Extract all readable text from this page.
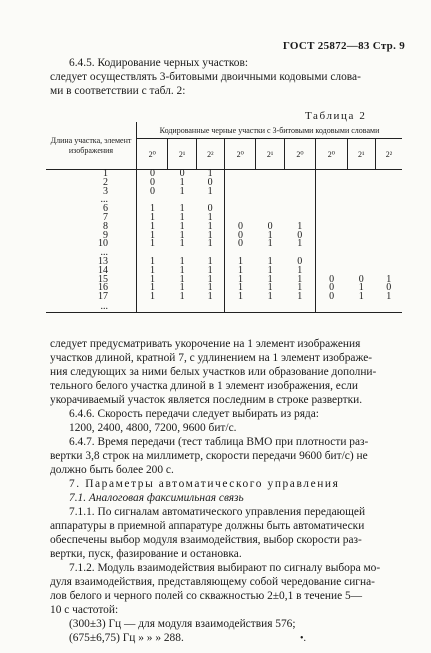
ГОСТ 25872—83 Стр. 9
6.4.5. Кодирование черных участков:
следует осуществлять 3-битовыми двоичными кодовыми слова-
ми в соответствии с табл. 2:
Таблица 2
Длина участка, элемент изображения	Кодированные черные участки с 3-битовыми кодовыми словами								
	2⁰	2¹	2²	2⁰	2¹	2⁰	2⁰	2¹	2²
1	0	0	1						
2	0	1	0						
3	0	1	1						
...									
6	1	1	0						
7	1	1	1						
8	1	1	1	0	0	1			
9	1	1	1	0	1	0			
10	1	1	1	0	1	1			
...									
13	1	1	1	1	1	0			
14	1	1	1	1	1	1			
15	1	1	1	1	1	1	0	0	1
16	1	1	1	1	1	1	0	1	0
17	1	1	1	1	1	1	0	1	1
...									
следует предусматривать укорочение на 1 элемент изображения
участков длиной, кратной 7, с удлинением на 1 элемент изображе-
ния следующих за ними белых участков или образование дополни-
тельного белого участка длиной в 1 элемент изображения, если
укорачиваемый участок является последним в строке развертки.
6.4.6. Скорость передачи следует выбирать из ряда:
1200, 2400, 4800, 7200, 9600 бит/с.
6.4.7. Время передачи (тест таблица ВМО при плотности раз-
вертки 3,8 строк на миллиметр, скорости передачи 9600 бит/с) не
должно быть более 200 с.
7. Параметры автоматического управления
7.1. Аналоговая факсимильная связь
7.1.1. По сигналам автоматического управления передающей
аппаратуры в приемной аппаратуре должны быть автоматически
обеспечены выбор модуля взаимодействия, выбор скорости раз-
вертки, пуск, фазирование и остановка.
7.1.2. Модуль взаимодействия выбирают по сигналу выбора мо-
дуля взаимодействия, представляющему собой чередование сигна-
лов белого и черного полей со скважностью 2±0,1 в течение 5—
10 с частотой:
(300±3) Гц — для модуля взаимодействия 576;
(675±6,75) Гц » » » 288.	•.
